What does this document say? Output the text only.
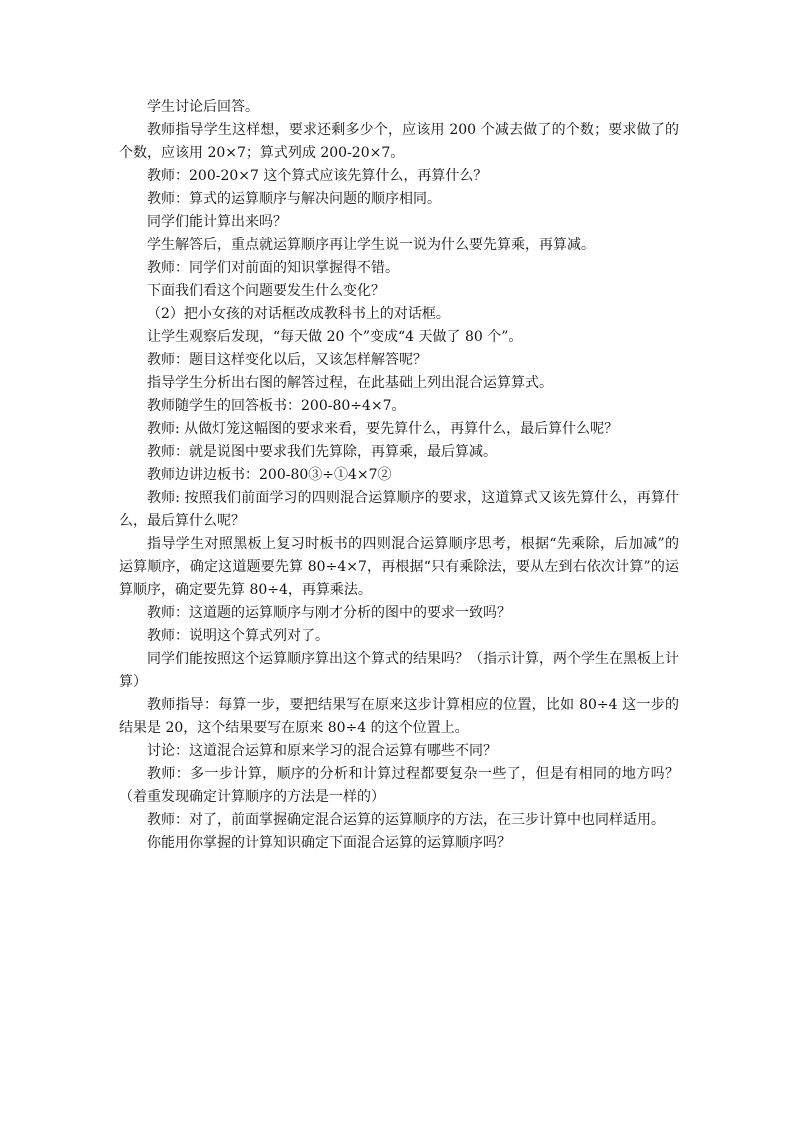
学生讨论后回答。

教师指导学生这样想，要求还剩多少个，应该用 200 个减去做了的个数；要求做了的个数，应该用 20×7；算式列成 200-20×7。

教师：200-20×7 这个算式应该先算什么，再算什么？

教师：算式的运算顺序与解决问题的顺序相同。

同学们能计算出来吗？

学生解答后，重点就运算顺序再让学生说一说为什么要先算乘，再算减。

教师：同学们对前面的知识掌握得不错。

下面我们看这个问题要发生什么变化？

（2）把小女孩的对话框改成教科书上的对话框。

让学生观察后发现，“每天做 20 个”变成“4 天做了 80 个”。

教师：题目这样变化以后，又该怎样解答呢？

指导学生分析出右图的解答过程，在此基础上列出混合运算算式。

教师随学生的回答板书：200-80÷4×7。

教师: 从做灯笼这幅图的要求来看，要先算什么，再算什么，最后算什么呢？

教师：就是说图中要求我们先算除，再算乘，最后算减。

教师边讲边板书：200-80③÷①4×7②

教师: 按照我们前面学习的四则混合运算顺序的要求，这道算式又该先算什么，再算什么，最后算什么呢？

指导学生对照黑板上复习时板书的四则混合运算顺序思考，根据“先乘除，后加减”的运算顺序，确定这道题要先算 80÷4×7，再根据“只有乘除法，要从左到右依次计算”的运算顺序，确定要先算 80÷4，再算乘法。

教师：这道题的运算顺序与刚才分析的图中的要求一致吗？

教师：说明这个算式列对了。

同学们能按照这个运算顺序算出这个算式的结果吗？（指示计算，两个学生在黑板上计算）

教师指导：每算一步，要把结果写在原来这步计算相应的位置，比如 80÷4 这一步的结果是 20，这个结果要写在原来 80÷4 的这个位置上。

讨论：这道混合运算和原来学习的混合运算有哪些不同？

教师：多一步计算，顺序的分析和计算过程都要复杂一些了，但是有相同的地方吗？（着重发现确定计算顺序的方法是一样的）

教师：对了，前面掌握确定混合运算的运算顺序的方法，在三步计算中也同样适用。

你能用你掌握的计算知识确定下面混合运算的运算顺序吗？
